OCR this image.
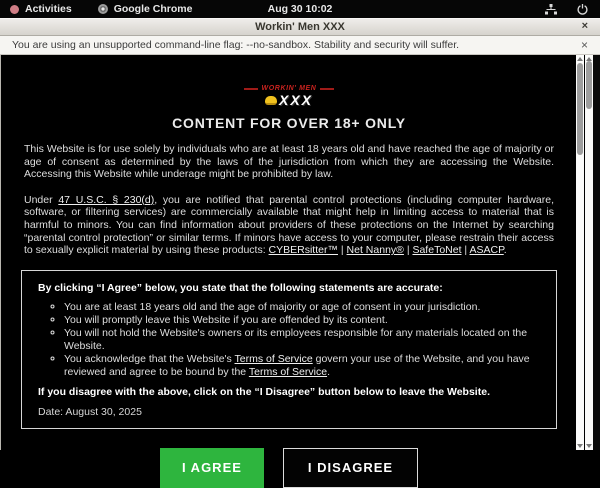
Activities	Google Chrome	Aug 30 10:02
Workin' Men XXX	×
You are using an unsupported command-line flag: --no-sandbox. Stability and security will suffer.	×
WORKIN' MEN
XXX
CONTENT FOR OVER 18+ ONLY

This Website is for use solely by individuals who are at least 18 years old and have reached the age of majority or age of consent as determined by the laws of the jurisdiction from which they are accessing the Website. Accessing this Website while underage might be prohibited by law.

Under 47 U.S.C. § 230(d), you are notified that parental control protections (including computer hardware, software, or filtering services) are commercially available that might help in limiting access to material that is harmful to minors. You can find information about providers of these protections on the Internet by searching “parental control protection” or similar terms. If minors have access to your computer, please restrain their access to sexually explicit material by using these products: CYBERsitter™ | Net Nanny® | SafeToNet | ASACP.

By clicking “I Agree” below, you state that the following statements are accurate:
◦ You are at least 18 years old and the age of majority or age of consent in your jurisdiction.
◦ You will promptly leave this Website if you are offended by its content.
◦ You will not hold the Website's owners or its employees responsible for any materials located on the Website.
◦ You acknowledge that the Website's Terms of Service govern your use of the Website, and you have reviewed and agree to be bound by the Terms of Service.
If you disagree with the above, click on the “I Disagree” button below to leave the Website.
Date: August 30, 2025
I AGREE	I DISAGREE
